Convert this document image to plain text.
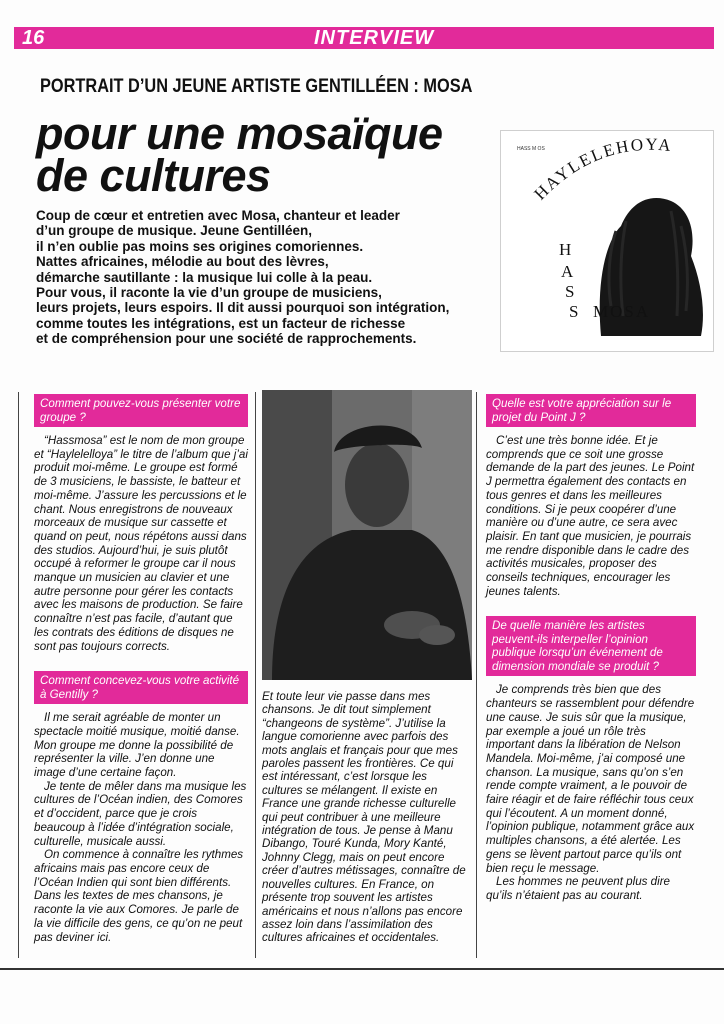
16	INTERVIEW
PORTRAIT D’UN JEUNE ARTISTE GENTILLÉEN : MOSA
pour une mosaïque
de cultures

Coup de cœur et entretien avec Mosa, chanteur et leader

d’un groupe de musique. Jeune Gentilléen,

il n’en oublie pas moins ses origines comoriennes.

Nattes africaines, mélodie au bout des lèvres,

démarche sautillante : la musique lui colle à la peau.

Pour vous, il raconte la vie d’un groupe de musiciens,

leurs projets, leurs espoirs. Il dit aussi pourquoi son intégration,

comme toutes les intégrations, est un facteur de richesse

et de compréhension pour une société de rapprochements.

HASS M OS
HAYLELEHOYA
H
A
S
S MOSA
Comment pouvez-vous présenter votre groupe ?

“Hassmosa” est le nom de mon groupe et “Haylelelloya” le titre de l’album que j’ai produit moi-même. Le groupe est formé de 3 musiciens, le bassiste, le batteur et moi-même. J’assure les percussions et le chant. Nous enregistrons de nouveaux morceaux de musique sur cassette et quand on peut, nous répétons aussi dans des studios. Aujourd’hui, je suis plutôt occupé à reformer le groupe car il nous manque un musicien au clavier et une autre personne pour gérer les contacts avec les maisons de production. Se faire connaître n’est pas facile, d’autant que les contrats des éditions de disques ne sont pas toujours corrects.

Comment concevez-vous votre activité à Gentilly ?

Il me serait agréable de monter un spectacle moitié musique, moitié danse. Mon groupe me donne la possibilité de représenter la ville. J’en donne une image d’une certaine façon.

Je tente de mêler dans ma musique les cultures de l’Océan indien, des Comores et d’occident, parce que je crois beaucoup à l’idée d’intégration sociale, culturelle, musicale aussi.

On commence à connaître les rythmes africains mais pas encore ceux de l’Océan Indien qui sont bien différents. Dans les textes de mes chansons, je raconte la vie aux Comores. Je parle de la vie difficile des gens, ce qu’on ne peut pas deviner ici.

Et toute leur vie passe dans mes chansons. Je dit tout simplement “changeons de système”. J’utilise la langue comorienne avec parfois des mots anglais et français pour que mes paroles passent les frontières. Ce qui est intéressant, c’est lorsque les cultures se mélangent. Il existe en France une grande richesse culturelle qui peut contribuer à une meilleure intégration de tous. Je pense à Manu Dibango, Touré Kunda, Mory Kanté, Johnny Clegg, mais on peut encore créer d’autres métissages, connaître de nouvelles cultures. En France, on présente trop souvent les artistes américains et nous n’allons pas encore assez loin dans l’assimilation des cultures africaines et occidentales.

Quelle est votre appréciation sur le projet du Point J ?

C’est une très bonne idée. Et je comprends que ce soit une grosse demande de la part des jeunes. Le Point J permettra également des contacts en tous genres et dans les meilleures conditions. Si je peux coopérer d’une manière ou d’une autre, ce sera avec plaisir. En tant que musicien, je pourrais me rendre disponible dans le cadre des activités musicales, proposer des conseils techniques, encourager les jeunes talents.

De quelle manière les artistes peuvent-ils interpeller l’opinion publique lorsqu’un événement de dimension mondiale se produit ?

Je comprends très bien que des chanteurs se rassemblent pour défendre une cause. Je suis sûr que la musique, par exemple a joué un rôle très important dans la libération de Nelson Mandela. Moi-même, j’ai composé une chanson. La musique, sans qu’on s’en rende compte vraiment, a le pouvoir de faire réagir et de faire réfléchir tous ceux qui l’écoutent. A un moment donné, l’opinion publique, notamment grâce aux multiples chansons, a été alertée. Les gens se lèvent partout parce qu’ils ont bien reçu le message.

Les hommes ne peuvent plus dire qu’ils n’étaient pas au courant.
